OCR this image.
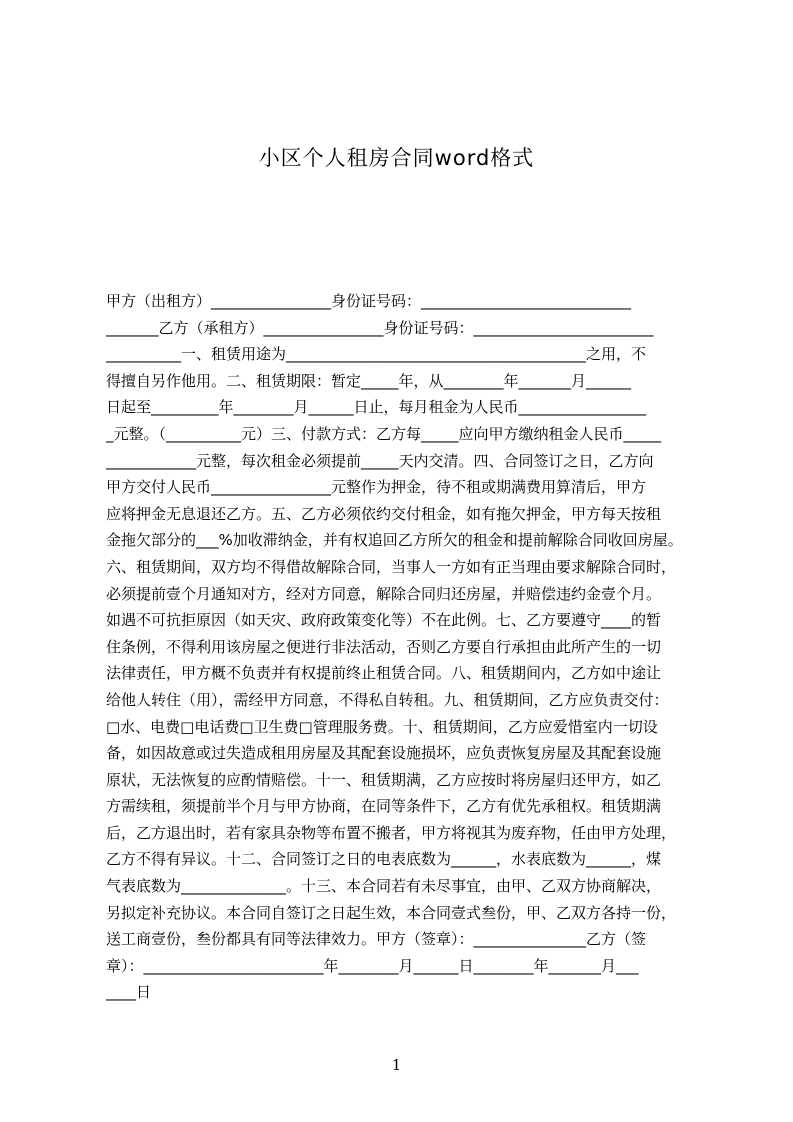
小区个人租房合同word格式
甲方（出租方）________________身份证号码：____________________________
_______乙方（承租方）________________身份证号码：________________________
__________一、租赁用途为________________________________________之用，不
得擅自另作他用。二、租赁期限：暂定_____年，从________年_______月______
日起至_________年________月______日止，每月租金为人民币_________________
_元整。（__________元）三、付款方式：乙方每_____应向甲方缴纳租金人民币_____
____________元整，每次租金必须提前_____天内交清。四、合同签订之日，乙方向
甲方交付人民币________________元整作为押金，待不租或期满费用算清后，甲方
应将押金无息退还乙方。五、乙方必须依约交付租金，如有拖欠押金，甲方每天按租
金拖欠部分的___%加收滞纳金，并有权追回乙方所欠的租金和提前解除合同收回房屋。
六、租赁期间，双方均不得借故解除合同，当事人一方如有正当理由要求解除合同时，
必须提前壹个月通知对方，经对方同意，解除合同归还房屋，并赔偿违约金壹个月。
如遇不可抗拒原因（如天灾、政府政策变化等）不在此例。七、乙方要遵守____的暂
住条例，不得利用该房屋之便进行非法活动，否则乙方要自行承担由此所产生的一切
法律责任，甲方概不负责并有权提前终止租赁合同。八、租赁期间内，乙方如中途让
给他人转住（用），需经甲方同意，不得私自转租。九、租赁期间，乙方应负责交付：
□水、电费□电话费□卫生费□管理服务费。十、租赁期间，乙方应爱惜室内一切设
备，如因故意或过失造成租用房屋及其配套设施损坏，应负责恢复房屋及其配套设施
原状，无法恢复的应酌情赔偿。十一、租赁期满，乙方应按时将房屋归还甲方，如乙
方需续租，须提前半个月与甲方协商，在同等条件下，乙方有优先承租权。租赁期满
后，乙方退出时，若有家具杂物等布置不搬者，甲方将视其为废弃物，任由甲方处理，
乙方不得有异议。十二、合同签订之日的电表底数为______，水表底数为______，煤
气表底数为______________。十三、本合同若有未尽事宜，由甲、乙双方协商解决，
另拟定补充协议。本合同自签订之日起生效，本合同壹式叁份，甲、乙双方各持一份，
送工商壹份，叁份都具有同等法律效力。甲方（签章）：_______________乙方（签
章）：________________________年________月______日________年_______月___
____日
1
